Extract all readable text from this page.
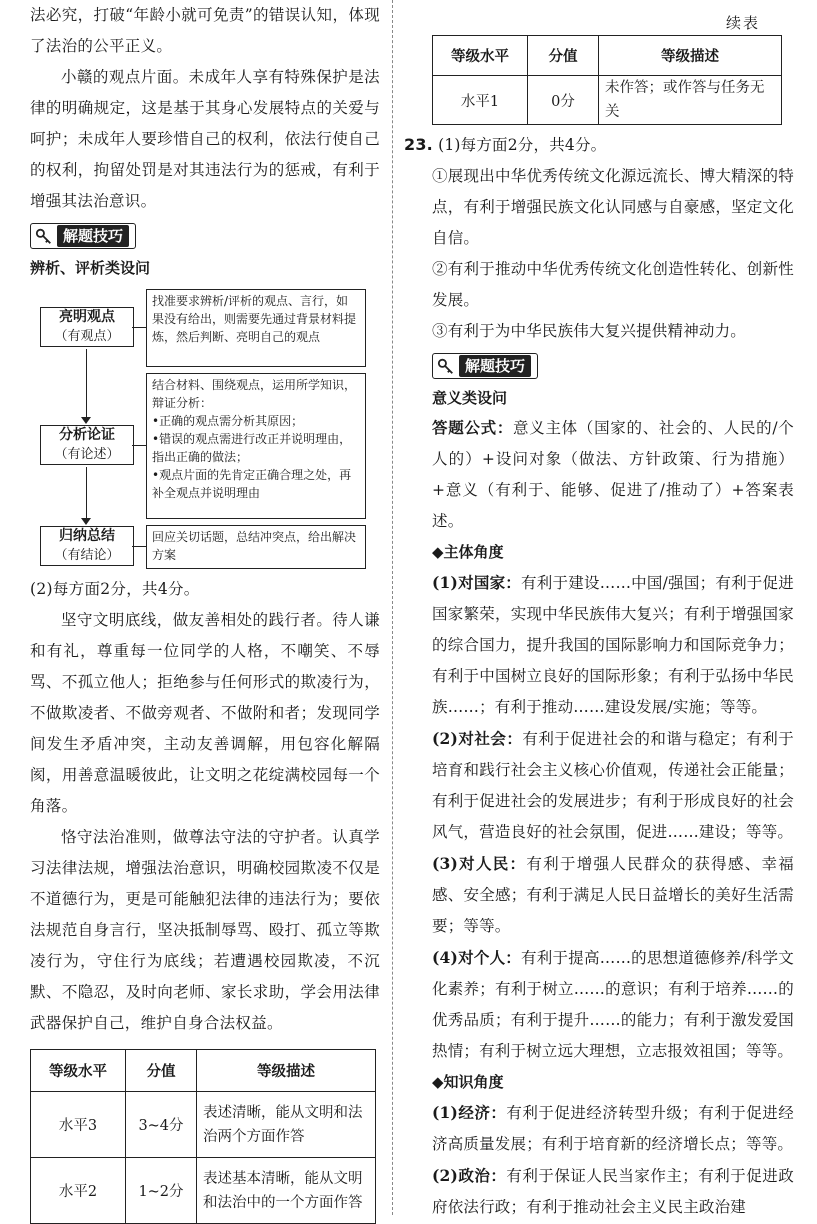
法必究，打破“年龄小就可免责”的错误认知，体现了法治的公平正义。

小赣的观点片面。未成年人享有特殊保护是法律的明确规定，这是基于其身心发展特点的关爱与呵护；未成年人要珍惜自己的权利，依法行使自己的权利，拘留处罚是对其违法行为的惩戒，有利于增强其法治意识。

解题技巧
辨析、评析类设问
找准要求辨析/评析的观点、言行，如果没有给出，则需要先通过背景材料提炼，然后判断、亮明自己的观点
亮明观点
（有观点）
结合材料、围绕观点，运用所学知识，辩证分析：
•正确的观点需分析其原因；
•错误的观点需进行改正并说明理由，指出正确的做法；
•观点片面的先肯定正确合理之处，再补全观点并说明理由
分析论证
（有论述）
回应关切话题，总结冲突点，给出解决方案
归纳总结
（有结论）

(2)每方面2分，共4分。

坚守文明底线，做友善相处的践行者。待人谦和有礼，尊重每一位同学的人格，不嘲笑、不辱骂、不孤立他人；拒绝参与任何形式的欺凌行为，不做欺凌者、不做旁观者、不做附和者；发现同学间发生矛盾冲突，主动友善调解，用包容化解隔阂，用善意温暖彼此，让文明之花绽满校园每一个角落。

恪守法治准则，做尊法守法的守护者。认真学习法律法规，增强法治意识，明确校园欺凌不仅是不道德行为，更是可能触犯法律的违法行为；要依法规范自身言行，坚决抵制辱骂、殴打、孤立等欺凌行为，守住行为底线；若遭遇校园欺凌，不沉默、不隐忍，及时向老师、家长求助，学会用法律武器保护自己，维护自身合法权益。

等级水平	分值	等级描述
水平3	3~4分	表述清晰，能从文明和法治两个方面作答
水平2	1~2分	表述基本清晰，能从文明和法治中的一个方面作答
续表
等级水平	分值	等级描述
水平1	0分	未作答；或作答与任务无关

23. (1)每方面2分，共4分。

①展现出中华优秀传统文化源远流长、博大精深的特点，有利于增强民族文化认同感与自豪感，坚定文化自信。

②有利于推动中华优秀传统文化创造性转化、创新性发展。

③有利于为中华民族伟大复兴提供精神动力。

解题技巧
意义类设问

答题公式：意义主体（国家的、社会的、人民的/个人的）+设问对象（做法、方针政策、行为措施）+意义（有利于、能够、促进了/推动了）+答案表述。

◆主体角度

(1)对国家：有利于建设……中国/强国；有利于促进国家繁荣，实现中华民族伟大复兴；有利于增强国家的综合国力，提升我国的国际影响力和国际竞争力；有利于中国树立良好的国际形象；有利于弘扬中华民族……；有利于推动……建设发展/实施；等等。

(2)对社会：有利于促进社会的和谐与稳定；有利于培育和践行社会主义核心价值观，传递社会正能量；有利于促进社会的发展进步；有利于形成良好的社会风气，营造良好的社会氛围，促进……建设；等等。

(3)对人民：有利于增强人民群众的获得感、幸福感、安全感；有利于满足人民日益增长的美好生活需要；等等。

(4)对个人：有利于提高……的思想道德修养/科学文化素养；有利于树立……的意识；有利于培养……的优秀品质；有利于提升……的能力；有利于激发爱国热情；有利于树立远大理想，立志报效祖国；等等。

◆知识角度

(1)经济：有利于促进经济转型升级；有利于促进经济高质量发展；有利于培育新的经济增长点；等等。

(2)政治：有利于保证人民当家作主；有利于促进政府依法行政；有利于推动社会主义民主政治建
